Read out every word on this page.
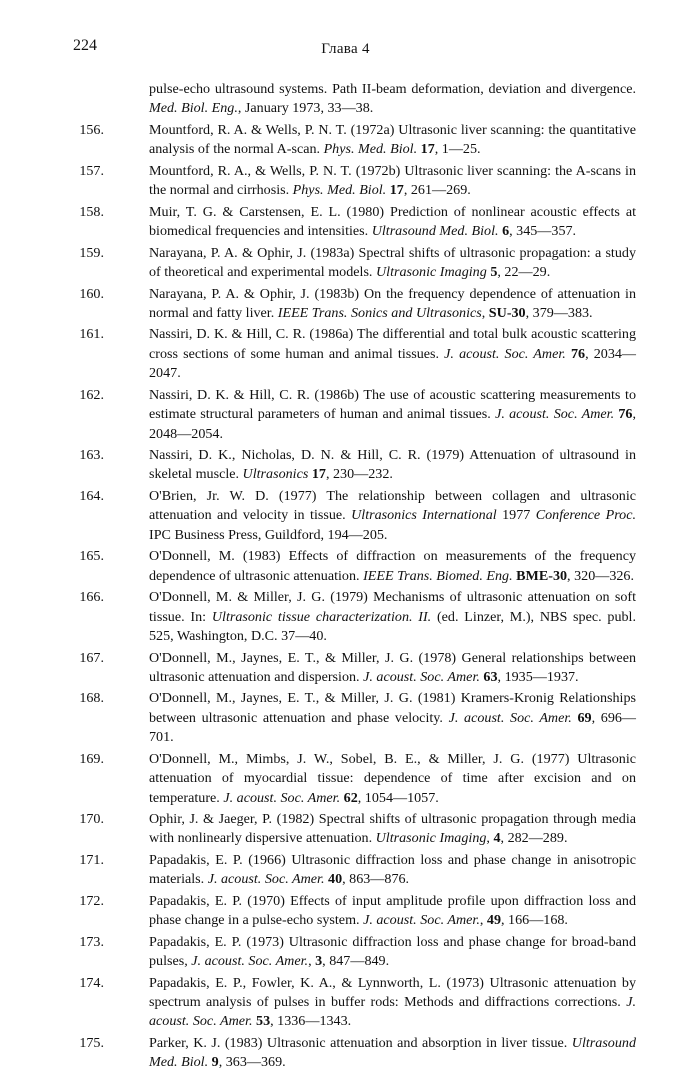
224	Глава 4
pulse-echo ultrasound systems. Path II-beam deformation, deviation and divergence. Med. Biol. Eng., January 1973, 33—38.
156.	Mountford, R. A. & Wells, P. N. T. (1972a) Ultrasonic liver scanning: the quantitative analysis of the normal A-scan. Phys. Med. Biol. 17, 1—25.
157.	Mountford, R. A., & Wells, P. N. T. (1972b) Ultrasonic liver scanning: the A-scans in the normal and cirrhosis. Phys. Med. Biol. 17, 261—269.
158.	Muir, T. G. & Carstensen, E. L. (1980) Prediction of nonlinear acoustic effects at biomedical frequencies and intensities. Ultrasound Med. Biol. 6, 345—357.
159.	Narayana, P. A. & Ophir, J. (1983a) Spectral shifts of ultrasonic propagation: a study of theoretical and experimental models. Ultrasonic Imaging 5, 22—29.
160.	Narayana, P. A. & Ophir, J. (1983b) On the frequency dependence of attenuation in normal and fatty liver. IEEE Trans. Sonics and Ultrasonics, SU-30, 379—383.
161.	Nassiri, D. K. & Hill, C. R. (1986a) The differential and total bulk acoustic scattering cross sections of some human and animal tissues. J. acoust. Soc. Amer. 76, 2034—2047.
162.	Nassiri, D. K. & Hill, C. R. (1986b) The use of acoustic scattering measurements to estimate structural parameters of human and animal tissues. J. acoust. Soc. Amer. 76, 2048—2054.
163.	Nassiri, D. K., Nicholas, D. N. & Hill, C. R. (1979) Attenuation of ultrasound in skeletal muscle. Ultrasonics 17, 230—232.
164.	O'Brien, Jr. W. D. (1977) The relationship between collagen and ultrasonic attenuation and velocity in tissue. Ultrasonics International 1977 Conference Proc. IPC Business Press, Guildford, 194—205.
165.	O'Donnell, M. (1983) Effects of diffraction on measurements of the frequency dependence of ultrasonic attenuation. IEEE Trans. Biomed. Eng. BME-30, 320—326.
166.	O'Donnell, M. & Miller, J. G. (1979) Mechanisms of ultrasonic attenuation on soft tissue. In: Ultrasonic tissue characterization. II. (ed. Linzer, M.), NBS spec. publ. 525, Washington, D.C. 37—40.
167.	O'Donnell, M., Jaynes, E. T., & Miller, J. G. (1978) General relationships between ultrasonic attenuation and dispersion. J. acoust. Soc. Amer. 63, 1935—1937.
168.	O'Donnell, M., Jaynes, E. T., & Miller, J. G. (1981) Kramers-Kronig Relationships between ultrasonic attenuation and phase velocity. J. acoust. Soc. Amer. 69, 696—701.
169.	O'Donnell, M., Mimbs, J. W., Sobel, B. E., & Miller, J. G. (1977) Ultrasonic attenuation of myocardial tissue: dependence of time after excision and on temperature. J. acoust. Soc. Amer. 62, 1054—1057.
170.	Ophir, J. & Jaeger, P. (1982) Spectral shifts of ultrasonic propagation through media with nonlinearly dispersive attenuation. Ultrasonic Imaging, 4, 282—289.
171.	Papadakis, E. P. (1966) Ultrasonic diffraction loss and phase change in anisotropic materials. J. acoust. Soc. Amer. 40, 863—876.
172.	Papadakis, E. P. (1970) Effects of input amplitude profile upon diffraction loss and phase change in a pulse-echo system. J. acoust. Soc. Amer., 49, 166—168.
173.	Papadakis, E. P. (1973) Ultrasonic diffraction loss and phase change for broad-band pulses, J. acoust. Soc. Amer., 3, 847—849.
174.	Papadakis, E. P., Fowler, K. A., & Lynnworth, L. (1973) Ultrasonic attenuation by spectrum analysis of pulses in buffer rods: Methods and diffractions corrections. J. acoust. Soc. Amer. 53, 1336—1343.
175.	Parker, K. J. (1983) Ultrasonic attenuation and absorption in liver tissue. Ultrasound Med. Biol. 9, 363—369.
